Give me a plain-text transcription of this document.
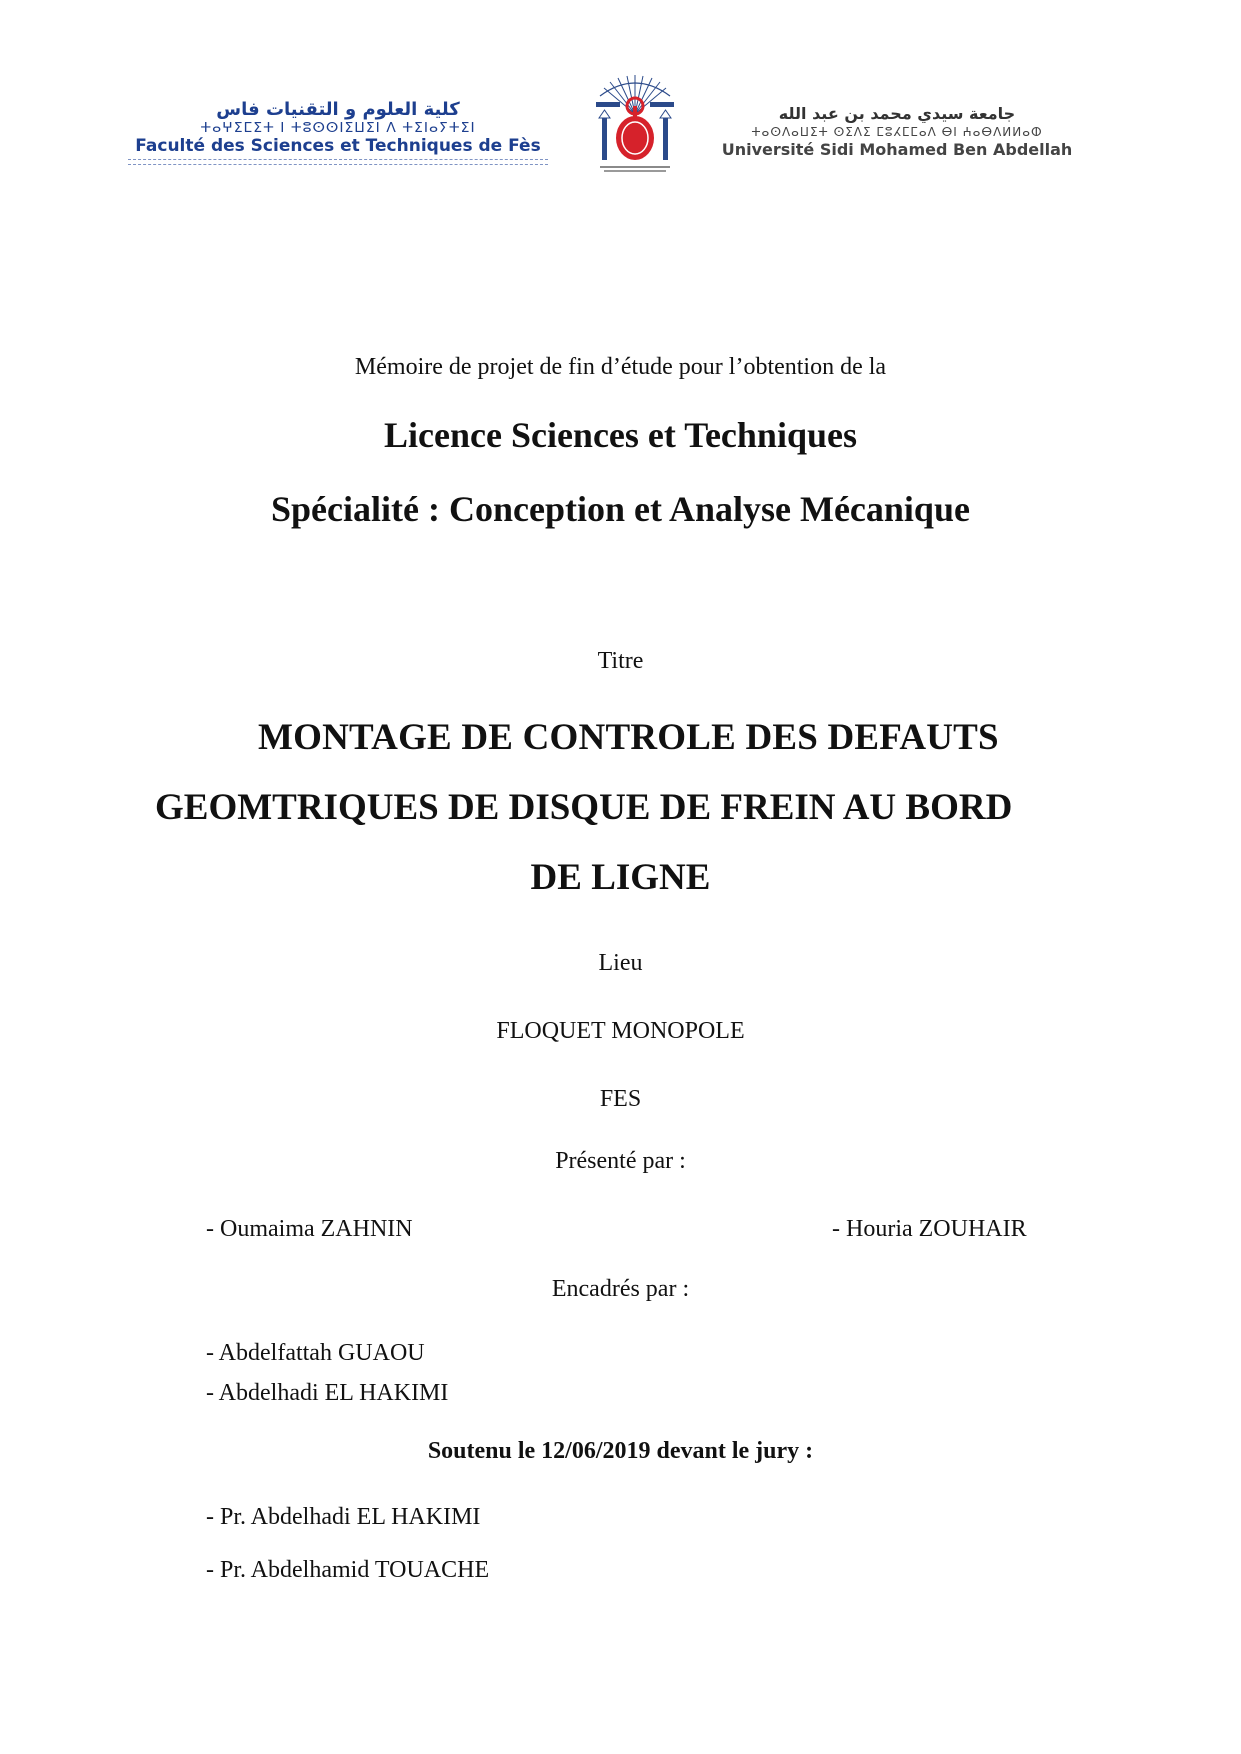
كلية العلوم و التقنيات فاس
ⵜⴰⵖⵉⵎⵉⵜ ⵏ ⵜⵓⵙⵙⵏⵉⵡⵉⵏ ⴷ ⵜⵉⵏⴰⵢⵜⵉⵏ
Faculté des Sciences et Techniques de Fès
جامعة سيدي محمد بن عبد الله
ⵜⴰⵙⴷⴰⵡⵉⵜ ⵙⵉⴷⵉ ⵎⵓⵃⵎⵎⴰⴷ ⴱⵏ ⵄⴰⴱⴷⵍⵍⴰⵀ
Université Sidi Mohamed Ben Abdellah
Mémoire de projet de fin d’étude pour l’obtention de la
Licence Sciences et Techniques
Spécialité : Conception et Analyse Mécanique
Titre
MONTAGE DE CONTROLE DES DEFAUTS
GEOMTRIQUES DE DISQUE DE FREIN AU BORD
DE LIGNE
Lieu
FLOQUET MONOPOLE
FES
Présenté par :
- Oumaima ZAHNIN	- Houria ZOUHAIR
Encadrés par :
- Abdelfattah GUAOU
- Abdelhadi EL HAKIMI
Soutenu le 12/06/2019 devant le jury :
- Pr. Abdelhadi EL HAKIMI
- Pr. Abdelhamid TOUACHE
